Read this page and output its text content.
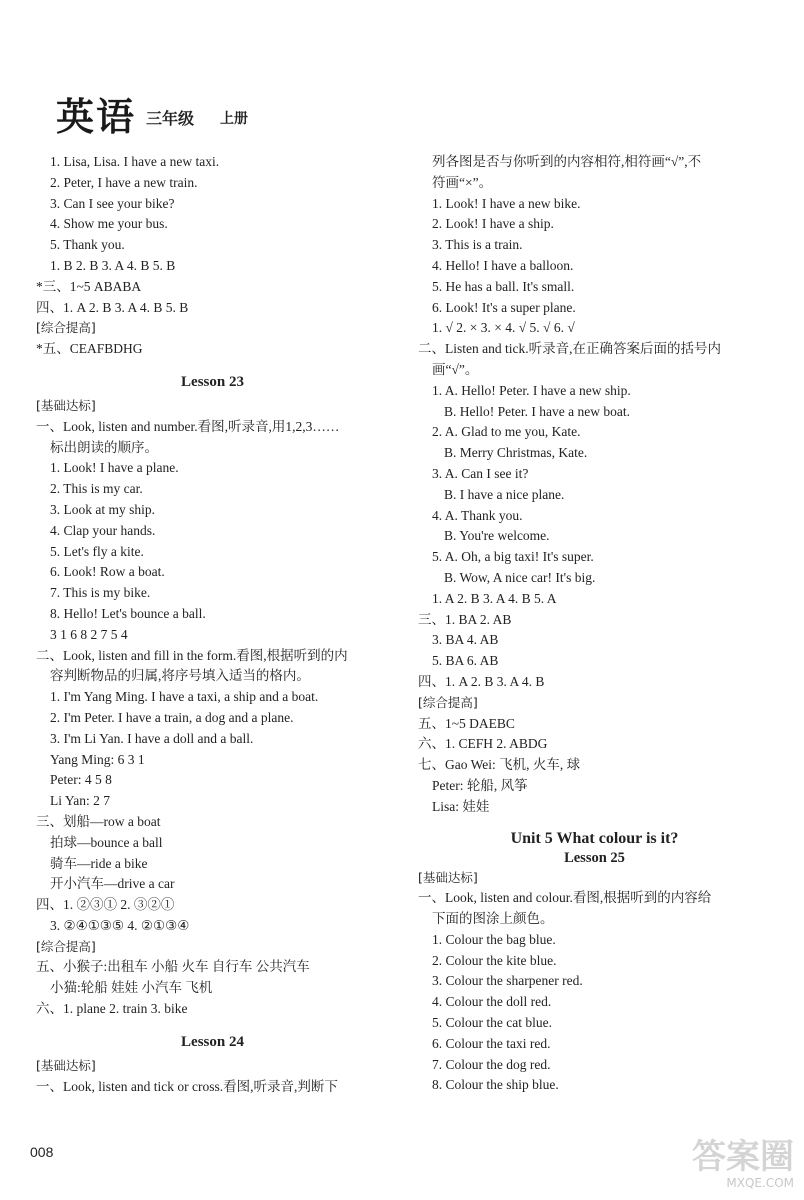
英语 三年级 上册
1. Lisa, Lisa. I have a new taxi.
2. Peter, I have a new train.
3. Can I see your bike?
4. Show me your bus.
5. Thank you.
1. B 2. B 3. A 4. B 5. B
*三、1~5 ABABA
四、1. A 2. B 3. A 4. B 5. B
[综合提高]
*五、CEAFBDHG
Lesson 23
[基础达标]
一、Look, listen and number.看图,听录音,用1,2,3……
标出朗读的顺序。
1. Look! I have a plane.
2. This is my car.
3. Look at my ship.
4. Clap your hands.
5. Let's fly a kite.
6. Look! Row a boat.
7. This is my bike.
8. Hello! Let's bounce a ball.
3 1 6 8 2 7 5 4
二、Look, listen and fill in the form.看图,根据听到的内
容判断物品的归属,将序号填入适当的格内。
1. I'm Yang Ming. I have a taxi, a ship and a boat.
2. I'm Peter. I have a train, a dog and a plane.
3. I'm Li Yan. I have a doll and a ball.
Yang Ming: 6 3 1
Peter: 4 5 8
Li Yan: 2 7
三、划船—row a boat
拍球—bounce a ball
骑车—ride a bike
开小汽车—drive a car
四、1. ②③① 2. ③②①
3. ②④①③⑤ 4. ②①③④
[综合提高]
五、小猴子:出租车 小船 火车 自行车 公共汽车
小猫:轮船 娃娃 小汽车 飞机
六、1. plane 2. train 3. bike
Lesson 24
[基础达标]
一、Look, listen and tick or cross.看图,听录音,判断下
列各图是否与你听到的内容相符,相符画“√”,不
符画“×”。
1. Look! I have a new bike.
2. Look! I have a ship.
3. This is a train.
4. Hello! I have a balloon.
5. He has a ball. It's small.
6. Look! It's a super plane.
1. √ 2. × 3. × 4. √ 5. √ 6. √
二、Listen and tick.听录音,在正确答案后面的括号内
画“√”。
1. A. Hello! Peter. I have a new ship.
B. Hello! Peter. I have a new boat.
2. A. Glad to me you, Kate.
B. Merry Christmas, Kate.
3. A. Can I see it?
B. I have a nice plane.
4. A. Thank you.
B. You're welcome.
5. A. Oh, a big taxi! It's super.
B. Wow, A nice car! It's big.
1. A 2. B 3. A 4. B 5. A
三、1. BA 2. AB
3. BA 4. AB
5. BA 6. AB
四、1. A 2. B 3. A 4. B
[综合提高]
五、1~5 DAEBC
六、1. CEFH 2. ABDG
七、Gao Wei: 飞机, 火车, 球
Peter: 轮船, 风筝
Lisa: 娃娃
Unit 5 What colour is it?
Lesson 25
[基础达标]
一、Look, listen and colour.看图,根据听到的内容给
下面的图涂上颜色。
1. Colour the bag blue.
2. Colour the kite blue.
3. Colour the sharpener red.
4. Colour the doll red.
5. Colour the cat blue.
6. Colour the taxi red.
7. Colour the dog red.
8. Colour the ship blue.
008	答案圈
MXQE.COM
